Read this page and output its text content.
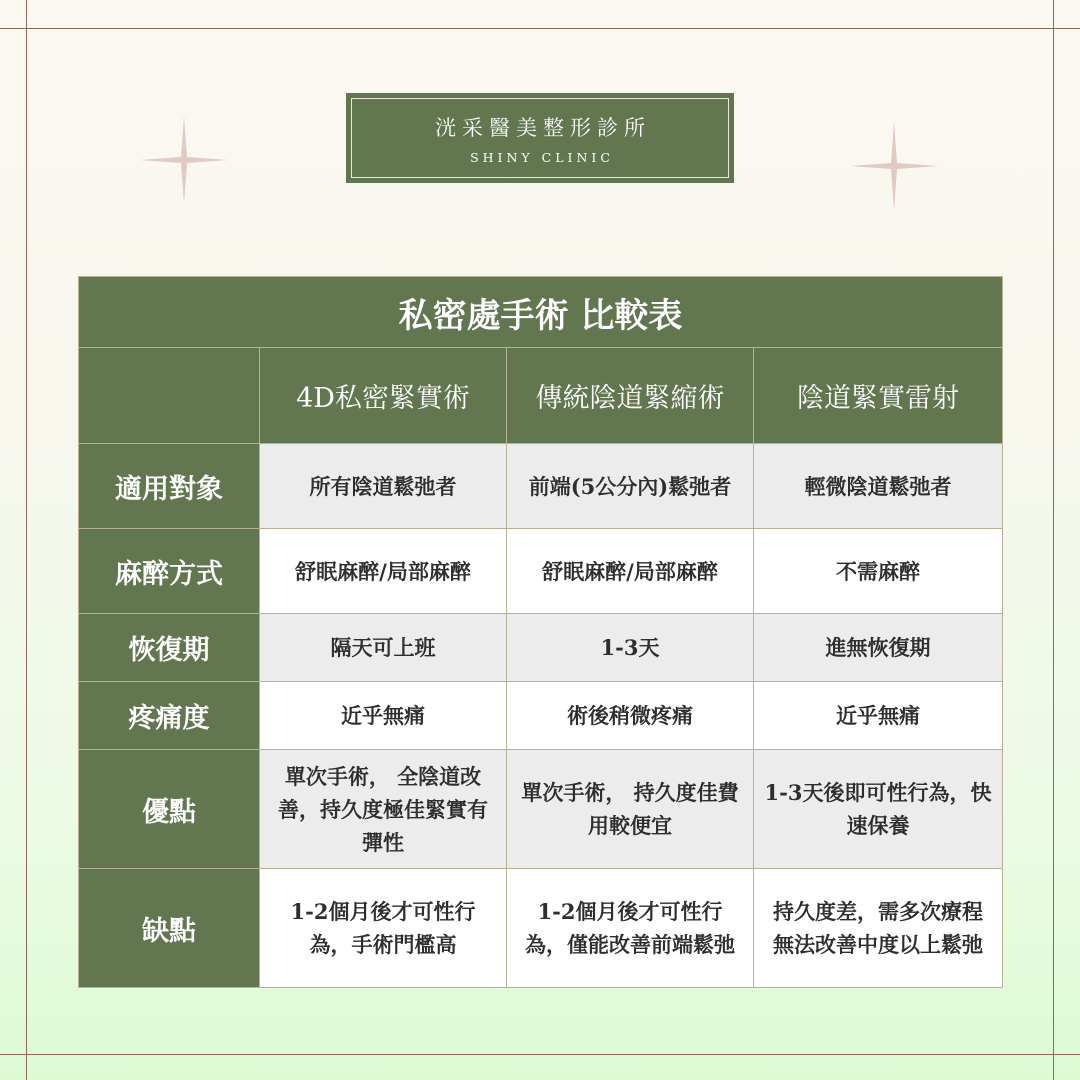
洸采醫美整形診所
SHINY CLINIC
私密處手術 比較表			
	4D私密緊實術	傳統陰道緊縮術	陰道緊實雷射
適用對象	所有陰道鬆弛者	前端(5公分內)鬆弛者	輕微陰道鬆弛者
麻醉方式	舒眠麻醉/局部麻醉	舒眠麻醉/局部麻醉	不需麻醉
恢復期	隔天可上班	1-3天	進無恢復期
疼痛度	近乎無痛	術後稍微疼痛	近乎無痛
優點	單次手術， 全陰道改善，持久度極佳緊實有彈性	單次手術， 持久度佳費用較便宜	1-3天後即可性行為，快速保養
缺點	1-2個月後才可性行為，手術門檻高	1-2個月後才可性行為，僅能改善前端鬆弛	持久度差，需多次療程無法改善中度以上鬆弛
